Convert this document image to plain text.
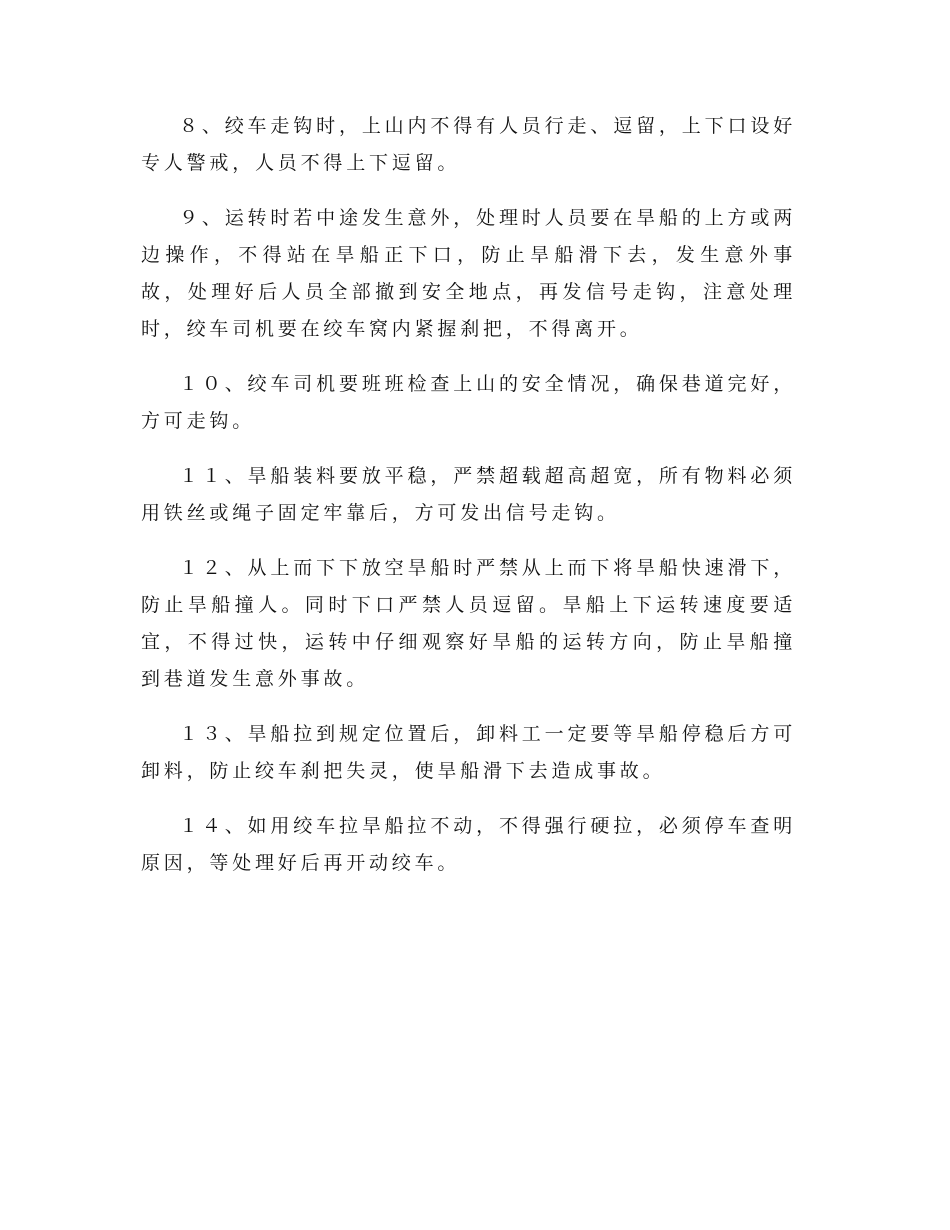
８、绞车走钩时，上山内不得有人员行走、逗留，上下口设好专人警戒，人员不得上下逗留。

９、运转时若中途发生意外，处理时人员要在旱船的上方或两边操作，不得站在旱船正下口，防止旱船滑下去，发生意外事故，处理好后人员全部撤到安全地点，再发信号走钩，注意处理时，绞车司机要在绞车窝内紧握刹把，不得离开。

１０、绞车司机要班班检查上山的安全情况，确保巷道完好，方可走钩。

１１、旱船装料要放平稳，严禁超载超高超宽，所有物料必须用铁丝或绳子固定牢靠后，方可发出信号走钩。

１２、从上而下下放空旱船时严禁从上而下将旱船快速滑下，防止旱船撞人。同时下口严禁人员逗留。旱船上下运转速度要适宜，不得过快，运转中仔细观察好旱船的运转方向，防止旱船撞到巷道发生意外事故。

１３、旱船拉到规定位置后，卸料工一定要等旱船停稳后方可卸料，防止绞车刹把失灵，使旱船滑下去造成事故。

１４、如用绞车拉旱船拉不动，不得强行硬拉，必须停车查明原因，等处理好后再开动绞车。
